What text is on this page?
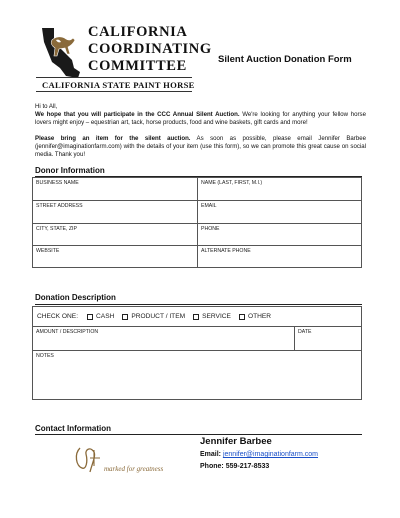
CALIFORNIA
COORDINATING
COMMITTEE
CALIFORNIA STATE PAINT HORSE
Silent Auction Donation Form

Hi to All,

We hope that you will participate in the CCC Annual Silent Auction. We're looking for anything your fellow horse lovers might enjoy – equestrian art, tack, horse products, food and wine baskets, gift cards and more!

Please bring an item for the silent auction. As soon as possible, please email Jennifer Barbee (jennifer@imaginationfarm.com) with the details of your item (use this form), so we can promote this great cause on social media. Thank you!

Donor Information
BUSINESS NAME	NAME (LAST, FIRST, M.I.)
STREET ADDRESS	EMAIL
CITY, STATE, ZIP	PHONE
WEBSITE	ALTERNATE PHONE
Donation Description
CHECK ONE:	CASH	PRODUCT / ITEM	SERVICE	OTHER

AMOUNT / DESCRIPTION	DATE
NOTES
Contact Information
marked for greatness
Jennifer Barbee
Email: jennifer@imaginationfarm.com
Phone: 559-217-8533
